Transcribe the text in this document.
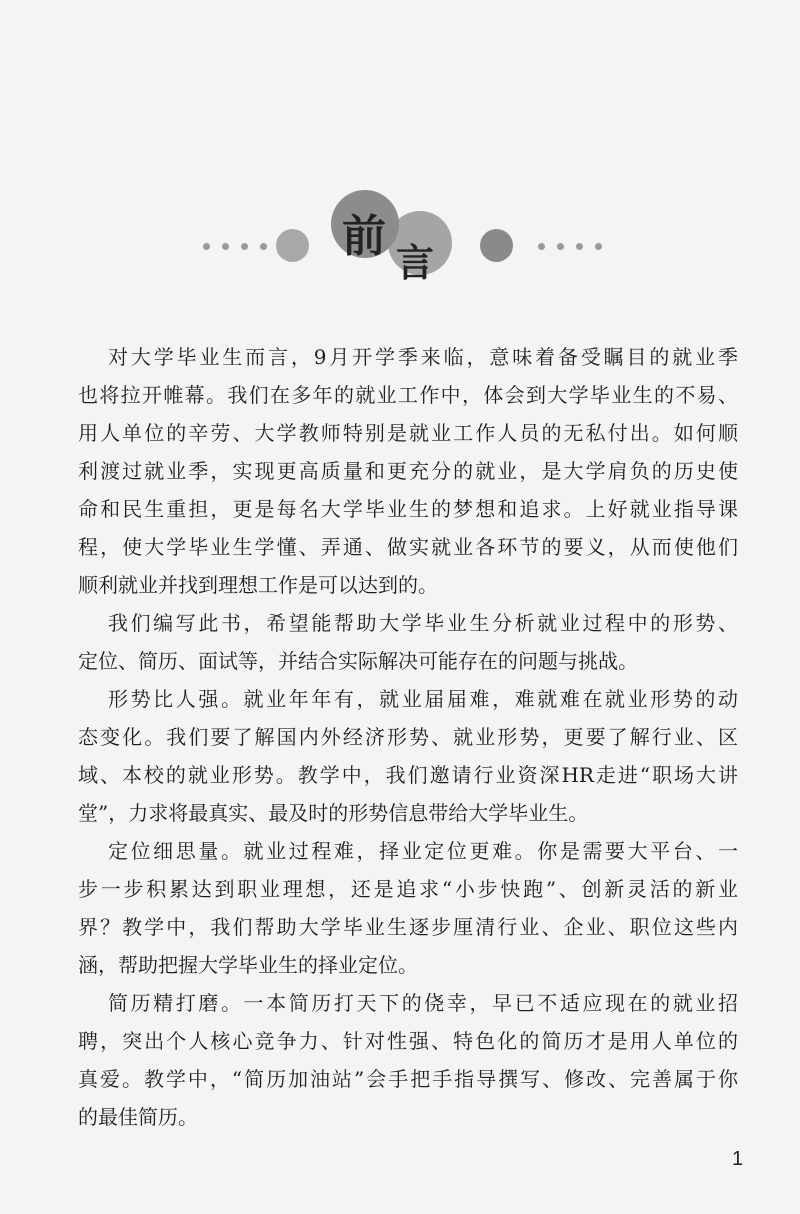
前
言
对大学毕业生而言，9月开学季来临，意味着备受瞩目的就业季
也将拉开帷幕。我们在多年的就业工作中，体会到大学毕业生的不易、
用人单位的辛劳、大学教师特别是就业工作人员的无私付出。如何顺
利渡过就业季，实现更高质量和更充分的就业，是大学肩负的历史使
命和民生重担，更是每名大学毕业生的梦想和追求。上好就业指导课
程，使大学毕业生学懂、弄通、做实就业各环节的要义，从而使他们
顺利就业并找到理想工作是可以达到的。
我们编写此书，希望能帮助大学毕业生分析就业过程中的形势、
定位、简历、面试等，并结合实际解决可能存在的问题与挑战。
形势比人强。就业年年有，就业届届难，难就难在就业形势的动
态变化。我们要了解国内外经济形势、就业形势，更要了解行业、区
域、本校的就业形势。教学中，我们邀请行业资深HR走进“职场大讲
堂”，力求将最真实、最及时的形势信息带给大学毕业生。
定位细思量。就业过程难，择业定位更难。你是需要大平台、一
步一步积累达到职业理想，还是追求“小步快跑”、创新灵活的新业
界？教学中，我们帮助大学毕业生逐步厘清行业、企业、职位这些内
涵，帮助把握大学毕业生的择业定位。
简历精打磨。一本简历打天下的侥幸，早已不适应现在的就业招
聘，突出个人核心竞争力、针对性强、特色化的简历才是用人单位的
真爱。教学中，“简历加油站”会手把手指导撰写、修改、完善属于你
的最佳简历。
1
